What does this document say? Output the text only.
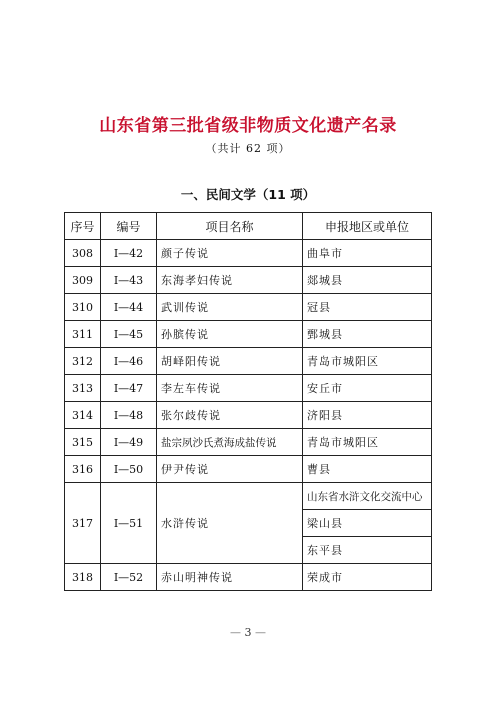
山东省第三批省级非物质文化遗产名录
（共计 62 项）
一、民间文学（11 项）
序号	编号	项目名称	申报地区或单位
308	Ⅰ—42	颜子传说	曲阜市
309	Ⅰ—43	东海孝妇传说	郯城县
310	Ⅰ—44	武训传说	冠县
311	Ⅰ—45	孙膑传说	鄄城县
312	Ⅰ—46	胡峄阳传说	青岛市城阳区
313	Ⅰ—47	李左车传说	安丘市
314	Ⅰ—48	张尔歧传说	济阳县
315	Ⅰ—49	盐宗夙沙氏煮海成盐传说	青岛市城阳区
316	Ⅰ—50	伊尹传说	曹县
317	Ⅰ—51	水浒传说	山东省水浒文化交流中心
			梁山县
			东平县
318	Ⅰ—52	赤山明神传说	荣成市
— 3 —
